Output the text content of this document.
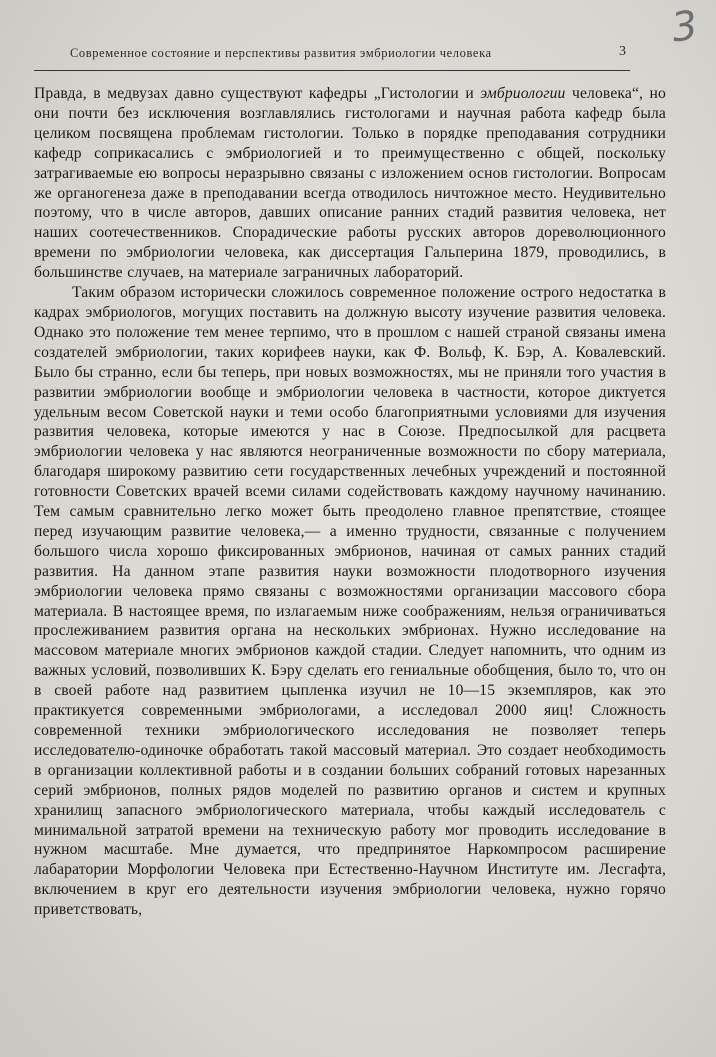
Современное состояние и перспективы развития эмбриологии человека	3 3

Правда, в медвузах давно существуют кафедры „Гистологии и эмбриологии человека“, но они почти без исключения возглавлялись гистологами и научная работа кафедр была целиком посвящена проблемам гистологии. Только в порядке преподавания сотрудники кафедр соприкасались с эмбриологией и то преимущественно с общей, поскольку затрагиваемые ею вопросы неразрывно связаны с изложением основ гистологии. Вопросам же органогенеза даже в преподавании всегда отводилось ничтожное место. Неудивительно поэтому, что в числе авторов, давших описание ранних стадий развития человека, нет наших соотечественников. Спорадические работы русских авторов дореволюционного времени по эмбриологии человека, как диссертация Гальперина 1879, проводились, в большинстве случаев, на материале заграничных лабораторий.

Таким образом исторически сложилось современное положение острого недостатка в кадрах эмбриологов, могущих поставить на должную высоту изучение развития человека. Однако это положение тем менее терпимо, что в прошлом с нашей страной связаны имена создателей эмбриологии, таких корифеев науки, как Ф. Вольф, К. Бэр, А. Ковалевский. Было бы странно, если бы теперь, при новых возможностях, мы не приняли того участия в развитии эмбриологии вообще и эмбриологии человека в частности, которое диктуется удельным весом Советской науки и теми особо благоприятными условиями для изучения развития человека, которые имеются у нас в Союзе. Предпосылкой для расцвета эмбриологии человека у нас являются неограниченные возможности по сбору материала, благодаря широкому развитию сети государственных лечебных учреждений и постоянной готовности Советских врачей всеми силами содействовать каждому научному начинанию. Тем самым сравнительно легко может быть преодолено главное препятствие, стоящее перед изучающим развитие человека,— а именно трудности, связанные с получением большого числа хорошо фиксированных эмбрионов, начиная от самых ранних стадий развития. На данном этапе развития науки возможности плодотворного изучения эмбриологии человека прямо связаны с возможностями организации массового сбора материала. В настоящее время, по излагаемым ниже соображениям, нельзя ограничиваться прослеживанием развития органа на нескольких эмбрионах. Нужно исследование на массовом материале многих эмбрионов каждой стадии. Следует напомнить, что одним из важных условий, позволивших К. Бэру сделать его гениальные обобщения, было то, что он в своей работе над развитием цыпленка изучил не 10—15 экземпляров, как это практикуется современными эмбриологами, а исследовал 2000 яиц! Сложность современной техники эмбриологического исследования не позволяет теперь исследователю-одиночке обработать такой массовый материал. Это создает необходимость в организации коллективной работы и в создании больших собраний готовых нарезанных серий эмбрионов, полных рядов моделей по развитию органов и систем и крупных хранилищ запасного эмбриологического материала, чтобы каждый исследователь с минимальной затратой времени на техническую работу мог проводить исследование в нужном масштабе. Мне думается, что предпринятое Наркомпросом расширение лабаратории Морфологии Человека при Естественно-Научном Институте им. Лесгафта, включением в круг его деятельности изучения эмбриологии человека, нужно горячо приветствовать,
